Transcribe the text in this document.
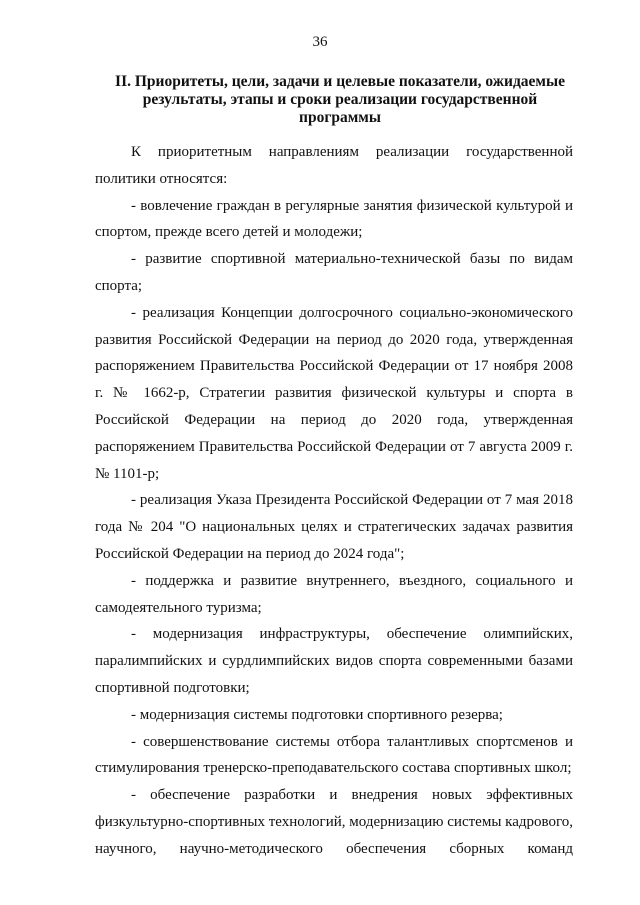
36
II. Приоритеты, цели, задачи и целевые показатели, ожидаемые
результаты, этапы и сроки реализации государственной
программы
К приоритетным направлениям реализации государственной
политики относятся:
- вовлечение граждан в регулярные занятия физической культурой и
спортом, прежде всего детей и молодежи;
- развитие спортивной материально-технической базы по видам
спорта;
- реализация Концепции долгосрочного социально-экономического
развития Российской Федерации на период до 2020 года, утвержденная
распоряжением Правительства Российской Федерации от 17 ноября 2008
г. № 1662-р, Стратегии развития физической культуры и спорта в
Российской Федерации на период до 2020 года, утвержденная
распоряжением Правительства Российской Федерации от 7 августа 2009 г.
№ 1101-р;
- реализация Указа Президента Российской Федерации от 7 мая 2018
года № 204 "О национальных целях и стратегических задачах развития
Российской Федерации на период до 2024 года";
- поддержка и развитие внутреннего, въездного, социального и
самодеятельного туризма;
- модернизация инфраструктуры, обеспечение олимпийских,
паралимпийских и сурдлимпийских видов спорта современными базами
спортивной подготовки;
- модернизация системы подготовки спортивного резерва;
- совершенствование системы отбора талантливых спортсменов и
стимулирования тренерско-преподавательского состава спортивных школ;
- обеспечение разработки и внедрения новых эффективных
физкультурно-спортивных технологий, модернизацию системы кадрового,
научного, научно-методического обеспечения сборных команд
